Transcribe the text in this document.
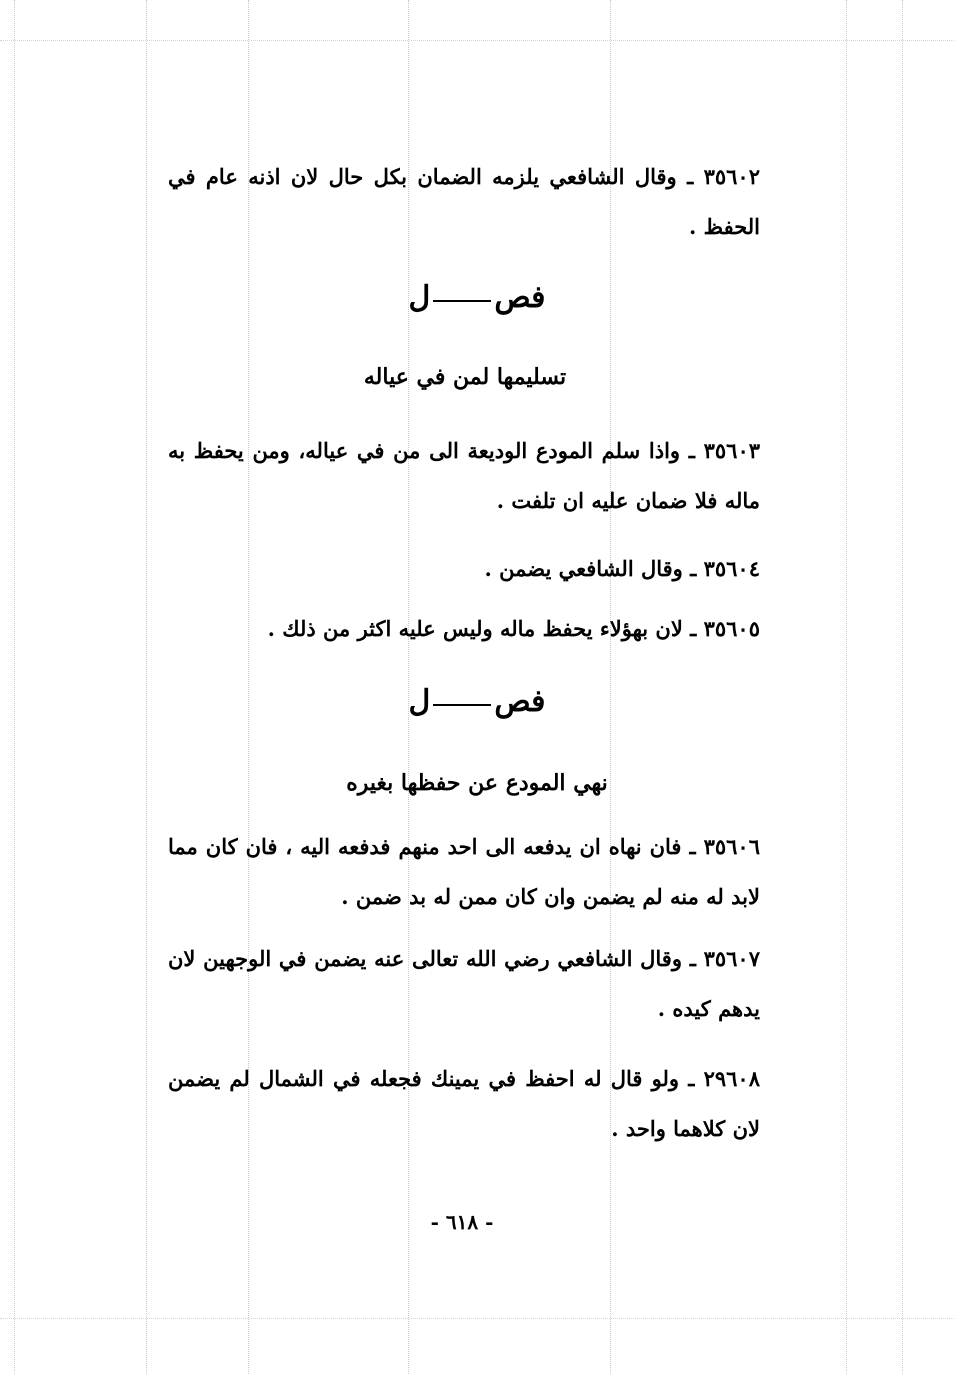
٣٥٦٠٢ ـ وقال الشافعي يلزمه الضمان بكل حال لان اذنه عام في الحفظ .
فصل
تسليمها لمن في عياله
٣٥٦٠٣ ـ واذا سلم المودع الوديعة الى من في عياله، ومن يحفظ به ماله فلا ضمان عليه ان تلفت .
٣٥٦٠٤ ـ وقال الشافعي يضمن .
٣٥٦٠٥ ـ لان بهؤلاء يحفظ ماله وليس عليه اكثر من ذلك .
فصل
نهي المودع عن حفظها بغيره
٣٥٦٠٦ ـ فان نهاه ان يدفعه الى احد منهم فدفعه اليه ، فان كان مما لابد له منه لم يضمن وان كان ممن له بد ضمن .
٣٥٦٠٧ ـ وقال الشافعي رضي الله تعالى عنه يضمن في الوجهين لان يدهم كيده .
٢٩٦٠٨ ـ ولو قال له احفظ في يمينك فجعله في الشمال لم يضمن لان كلاهما واحد .
- ٦١٨ -
